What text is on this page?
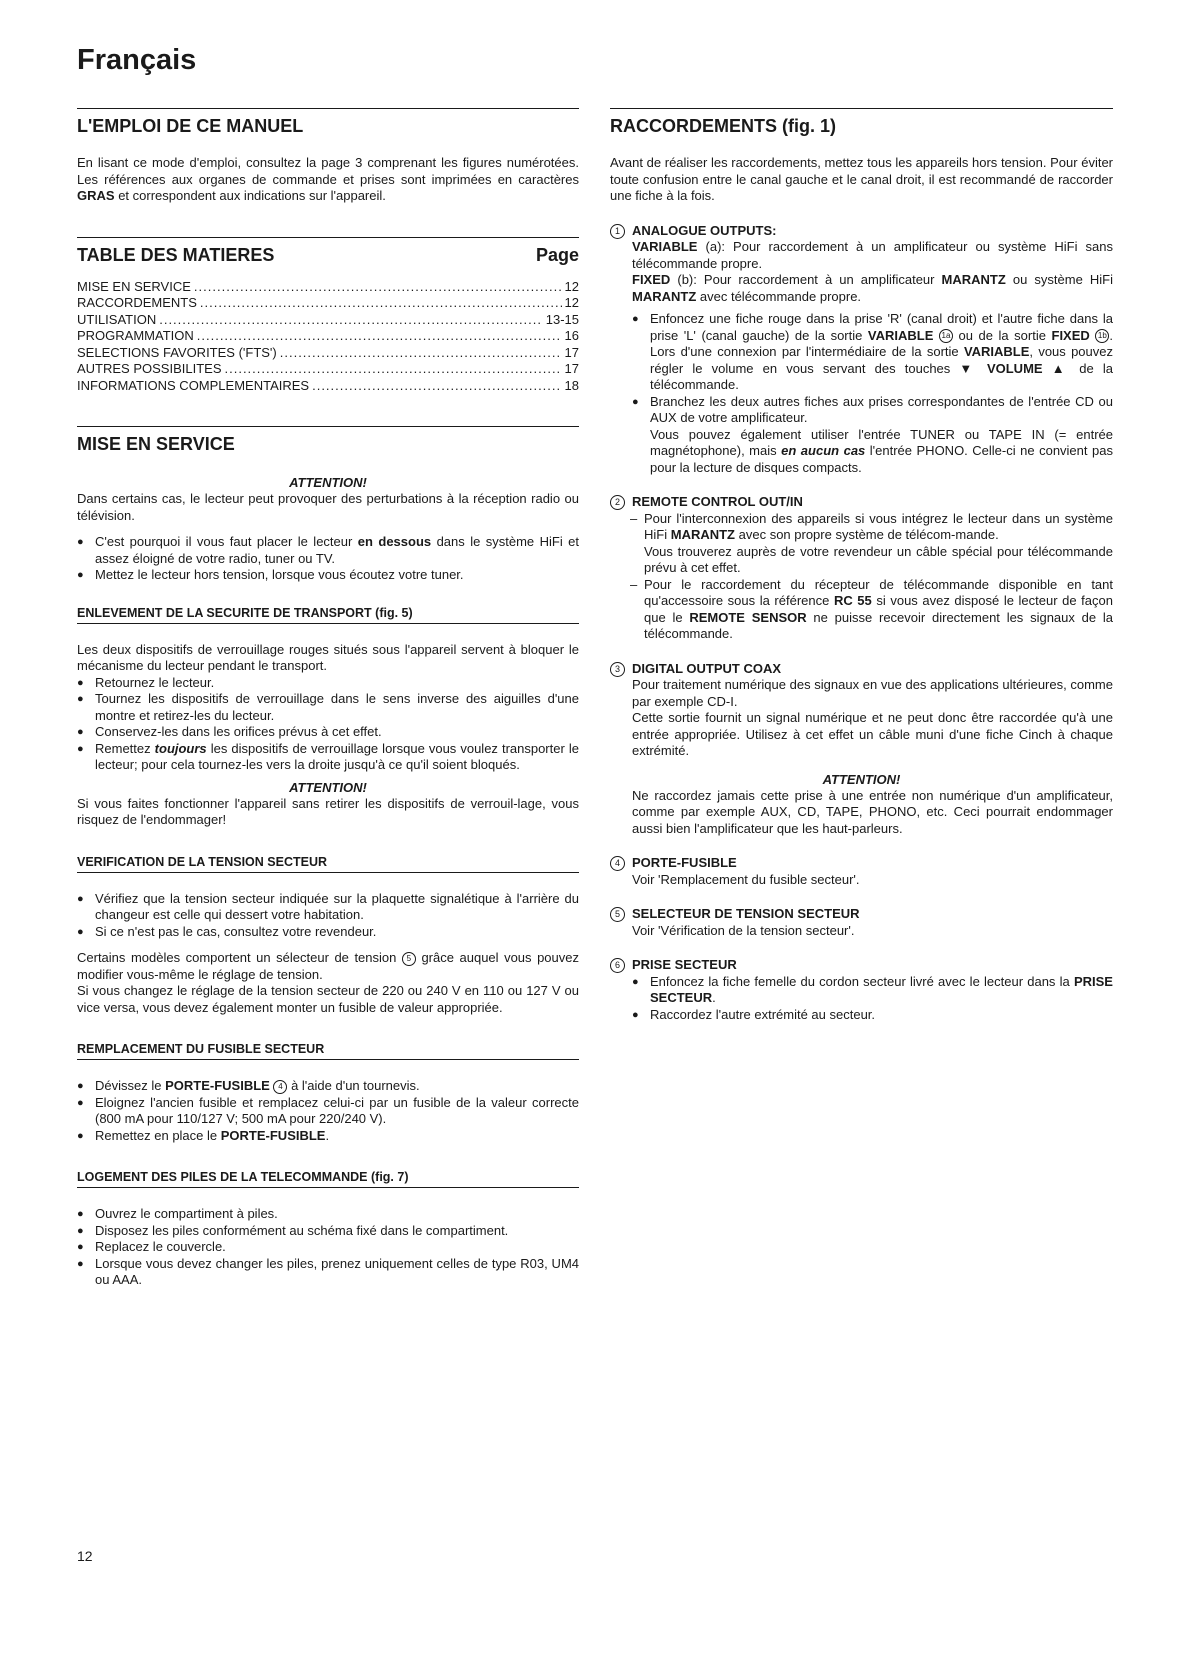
Français
L'EMPLOI DE CE MANUEL

En lisant ce mode d'emploi, consultez la page 3 comprenant les figures numérotées. Les références aux organes de commande et prises sont imprimées en caractères GRAS et correspondent aux indications sur l'appareil.

TABLE DES MATIERES	Page
MISE EN SERVICE .....	12
RACCORDEMENTS .....	12
UTILISATION .....	13-15
PROGRAMMATION .....	16
SELECTIONS FAVORITES ('FTS') .....	17
AUTRES POSSIBILITES .....	17
INFORMATIONS COMPLEMENTAIRES .....	18
MISE EN SERVICE
ATTENTION!

Dans certains cas, le lecteur peut provoquer des perturbations à la réception radio ou télévision.

● C'est pourquoi il vous faut placer le lecteur en dessous dans le système HiFi et assez éloigné de votre radio, tuner ou TV.
● Mettez le lecteur hors tension, lorsque vous écoutez votre tuner.
ENLEVEMENT DE LA SECURITE DE TRANSPORT (fig. 5)

Les deux dispositifs de verrouillage rouges situés sous l'appareil servent à bloquer le mécanisme du lecteur pendant le transport.

● Retournez le lecteur.
● Tournez les dispositifs de verrouillage dans le sens inverse des aiguilles d'une montre et retirez-les du lecteur.
● Conservez-les dans les orifices prévus à cet effet.
● Remettez toujours les dispositifs de verrouillage lorsque vous voulez transporter le lecteur; pour cela tournez-les vers la droite jusqu'à ce qu'il soient bloqués.
ATTENTION!

Si vous faites fonctionner l'appareil sans retirer les dispositifs de verrouil-lage, vous risquez de l'endommager!

VERIFICATION DE LA TENSION SECTEUR
● Vérifiez que la tension secteur indiquée sur la plaquette signalétique à l'arrière du changeur est celle qui dessert votre habitation.
● Si ce n'est pas le cas, consultez votre revendeur.

Certains modèles comportent un sélecteur de tension 5 grâce auquel vous pouvez modifier vous-même le réglage de tension.

Si vous changez le réglage de la tension secteur de 220 ou 240 V en 110 ou 127 V ou vice versa, vous devez également monter un fusible de valeur appropriée.

REMPLACEMENT DU FUSIBLE SECTEUR
● Dévissez le PORTE-FUSIBLE 4 à l'aide d'un tournevis.
● Eloignez l'ancien fusible et remplacez celui-ci par un fusible de la valeur correcte (800 mA pour 110/127 V; 500 mA pour 220/240 V).
● Remettez en place le PORTE-FUSIBLE.
LOGEMENT DES PILES DE LA TELECOMMANDE (fig. 7)
● Ouvrez le compartiment à piles.
● Disposez les piles conformément au schéma fixé dans le compartiment.
● Replacez le couvercle.
● Lorsque vous devez changer les piles, prenez uniquement celles de type R03, UM4 ou AAA.
RACCORDEMENTS (fig. 1)

Avant de réaliser les raccordements, mettez tous les appareils hors tension. Pour éviter toute confusion entre le canal gauche et le canal droit, il est recommandé de raccorder une fiche à la fois.

1 ANALOGUE OUTPUTS:

VARIABLE (a): Pour raccordement à un amplificateur ou système HiFi sans télécommande propre.

FIXED (b): Pour raccordement à un amplificateur MARANTZ ou système HiFi MARANTZ avec télécommande propre.

● Enfoncez une fiche rouge dans la prise 'R' (canal droit) et l'autre fiche dans la prise 'L' (canal gauche) de la sortie VARIABLE 1a ou de la sortie FIXED 1b . Lors d'une connexion par l'intermédiaire de la sortie VARIABLE, vous pouvez régler le volume en vous servant des touches ▼ VOLUME ▲ de la télécommande.
● Branchez les deux autres fiches aux prises correspondantes de l'entrée CD ou AUX de votre amplificateur.
Vous pouvez également utiliser l'entrée TUNER ou TAPE IN (= entrée magnétophone), mais en aucun cas l'entrée PHONO. Celle-ci ne convient pas pour la lecture de disques compacts.
2 REMOTE CONTROL OUT/IN
– Pour l'interconnexion des appareils si vous intégrez le lecteur dans un système HiFi MARANTZ avec son propre système de télécom-mande.
Vous trouverez auprès de votre revendeur un câble spécial pour télécommande prévu à cet effet.
– Pour le raccordement du récepteur de télécommande disponible en tant qu'accessoire sous la référence RC 55 si vous avez disposé le lecteur de façon que le REMOTE SENSOR ne puisse recevoir directement les signaux de la télécommande.
3 DIGITAL OUTPUT COAX

Pour traitement numérique des signaux en vue des applications ultérieures, comme par exemple CD-I.

Cette sortie fournit un signal numérique et ne peut donc être raccordée qu'à une entrée appropriée. Utilisez à cet effet un câble muni d'une fiche Cinch à chaque extrémité.

ATTENTION!

Ne raccordez jamais cette prise à une entrée non numérique d'un amplificateur, comme par exemple AUX, CD, TAPE, PHONO, etc. Ceci pourrait endommager aussi bien l'amplificateur que les haut-parleurs.

4 PORTE-FUSIBLE

Voir 'Remplacement du fusible secteur'.

5 SELECTEUR DE TENSION SECTEUR

Voir 'Vérification de la tension secteur'.

6 PRISE SECTEUR
● Enfoncez la fiche femelle du cordon secteur livré avec le lecteur dans la PRISE SECTEUR.
● Raccordez l'autre extrémité au secteur.
12
